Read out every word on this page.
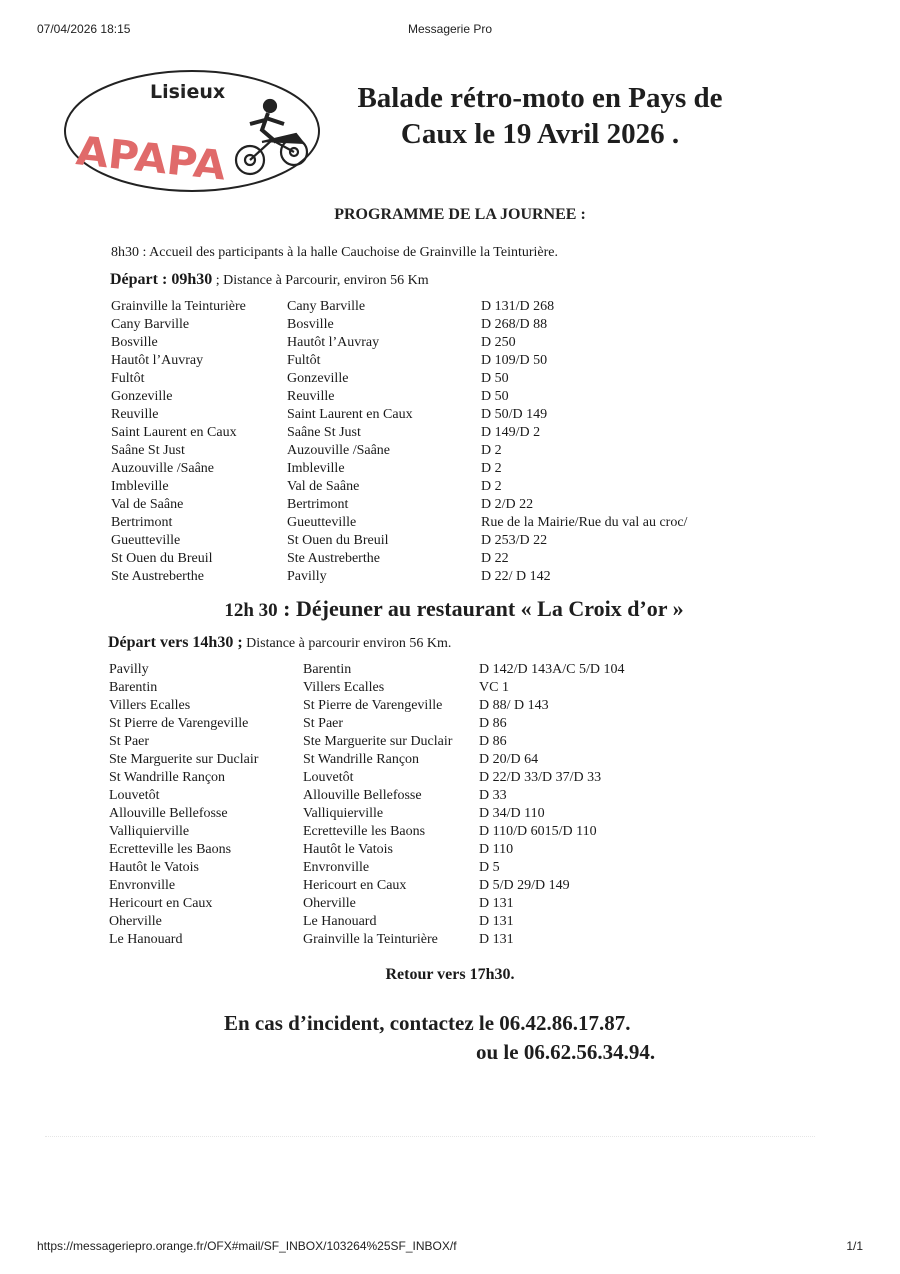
07/04/2026 18:15	Messagerie Pro
Lisieux
APAPA
Balade rétro-moto en Pays de
Caux le 19 Avril 2026 .
PROGRAMME DE LA JOURNEE :
8h30 : Accueil des participants à la halle Cauchoise de Grainville la Teinturière.
Départ : 09h30 ; Distance à Parcourir, environ 56 Km
Grainville la Teinturière	Cany Barville	D 131/D 268
Cany Barville	Bosville	D 268/D 88
Bosville	Hautôt l’Auvray	D 250
Hautôt l’Auvray	Fultôt	D 109/D 50
Fultôt	Gonzeville	D 50
Gonzeville	Reuville	D 50
Reuville	Saint Laurent en Caux	D 50/D 149
Saint Laurent en Caux	Saâne St Just	D 149/D 2
Saâne St Just	Auzouville /Saâne	D 2
Auzouville /Saâne	Imbleville	D 2
Imbleville	Val de Saâne	D 2
Val de Saâne	Bertrimont	D 2/D 22
Bertrimont	Gueutteville	Rue de la Mairie/Rue du val au croc/
Gueutteville	St Ouen du Breuil	D 253/D 22
St Ouen du Breuil	Ste Austreberthe	D 22
Ste Austreberthe	Pavilly	D 22/ D 142
12h 30 : Déjeuner au restaurant « La Croix d’or »
Départ vers 14h30 ; Distance à parcourir environ 56 Km.
Pavilly	Barentin	D 142/D 143A/C 5/D 104
Barentin	Villers Ecalles	VC 1
Villers Ecalles	St Pierre de Varengeville	D 88/ D 143
St Pierre de Varengeville	St Paer	D 86
St Paer	Ste Marguerite sur Duclair D 86
Ste Marguerite sur Duclair	St Wandrille Rançon	D 20/D 64
St Wandrille Rançon	Louvetôt	D 22/D 33/D 37/D 33
Louvetôt	Allouville Bellefosse	D 33
Allouville Bellefosse	Valliquierville	D 34/D 110
Valliquierville	Ecretteville les Baons	D 110/D 6015/D 110
Ecretteville les Baons	Hautôt le Vatois	D 110
Hautôt le Vatois	Envronville	D 5
Envronville	Hericourt en Caux	D 5/D 29/D 149
Hericourt en Caux	Oherville	D 131
Oherville	Le Hanouard	D 131
Le Hanouard	Grainville la Teinturière	D 131
Retour vers 17h30.
En cas d’incident, contactez le 06.42.86.17.87.
ou le 06.62.56.34.94.
https://messageriepro.orange.fr/OFX#mail/SF_INBOX/103264%25SF_INBOX/f	1/1
